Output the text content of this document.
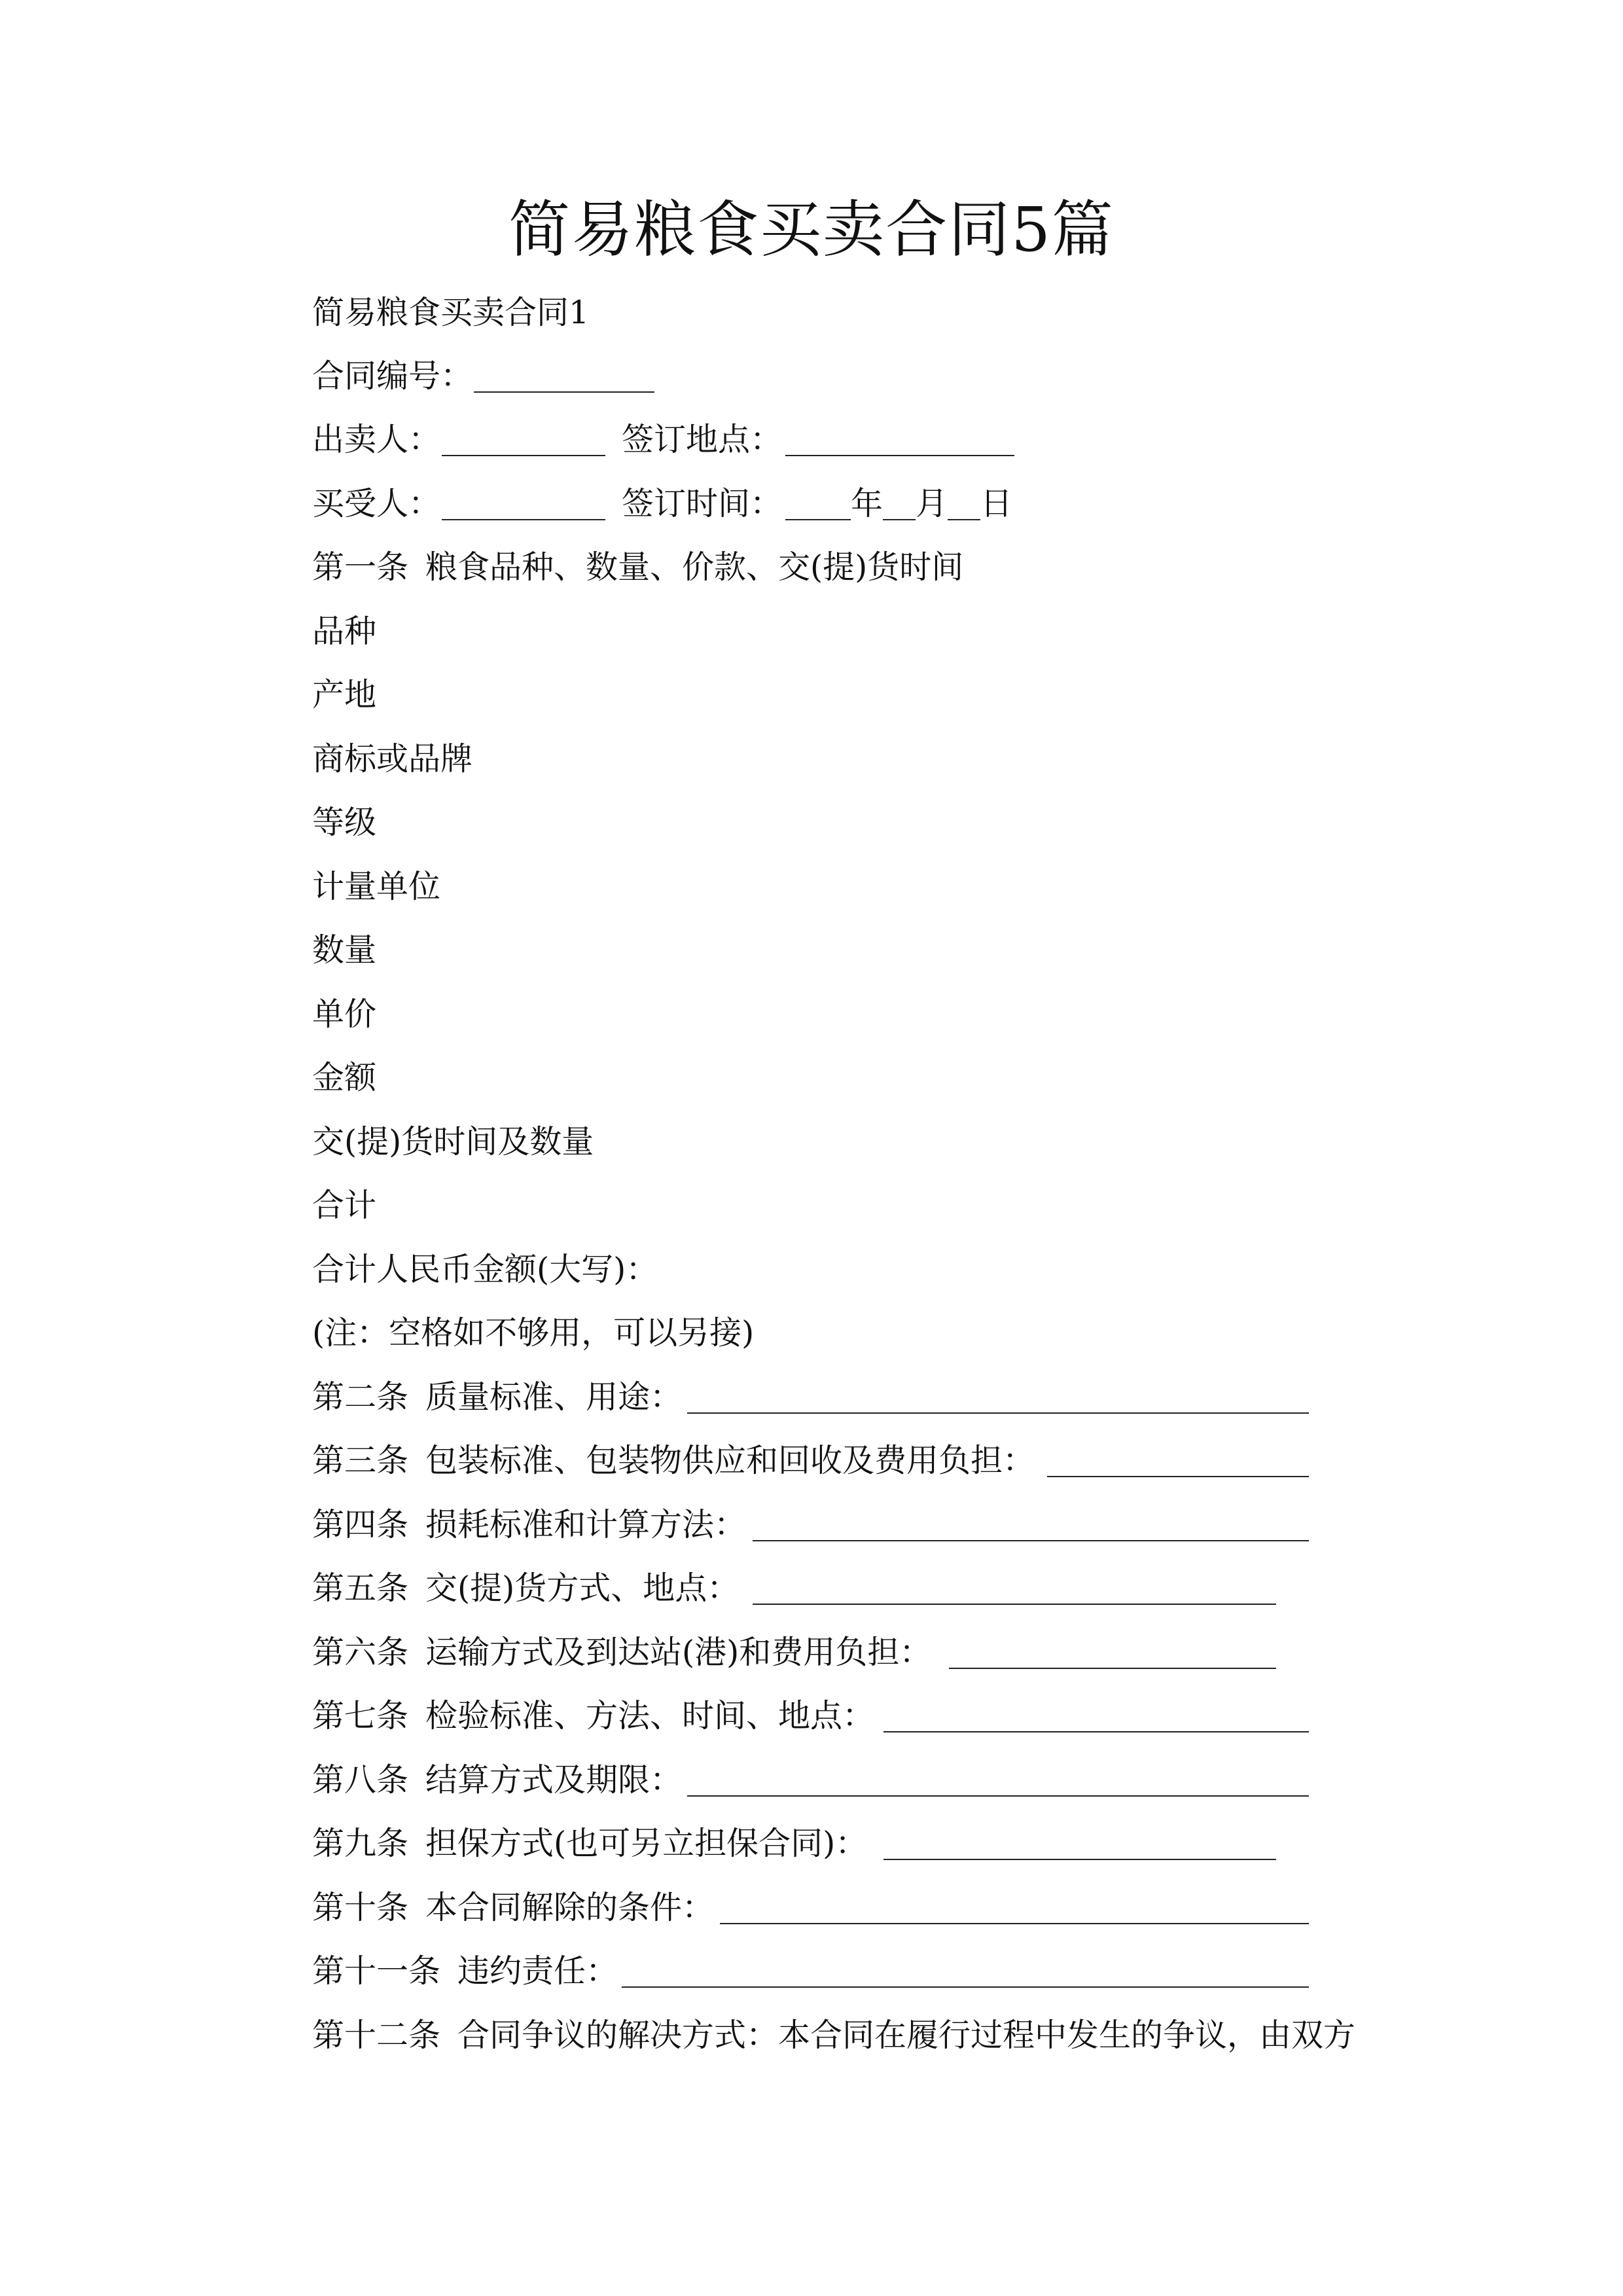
简易粮食买卖合同5篇
简易粮食买卖合同1
合同编号：
出卖人：	签订地点：
买受人：	签订时间： 年 月 日
第一条 粮食品种、数量、价款、交(提)货时间
品种
产地
商标或品牌
等级
计量单位
数量
单价
金额
交(提)货时间及数量
合计
合计人民币金额(大写)：
(注：空格如不够用，可以另接)
第二条 质量标准、用途：
第三条 包装标准、包装物供应和回收及费用负担：
第四条 损耗标准和计算方法：
第五条 交(提)货方式、地点：
第六条 运输方式及到达站(港)和费用负担：
第七条 检验标准、方法、时间、地点：
第八条 结算方式及期限：
第九条 担保方式(也可另立担保合同)：
第十条 本合同解除的条件：
第十一条 违约责任：
第十二条 合同争议的解决方式：本合同在履行过程中发生的争议，由双方
